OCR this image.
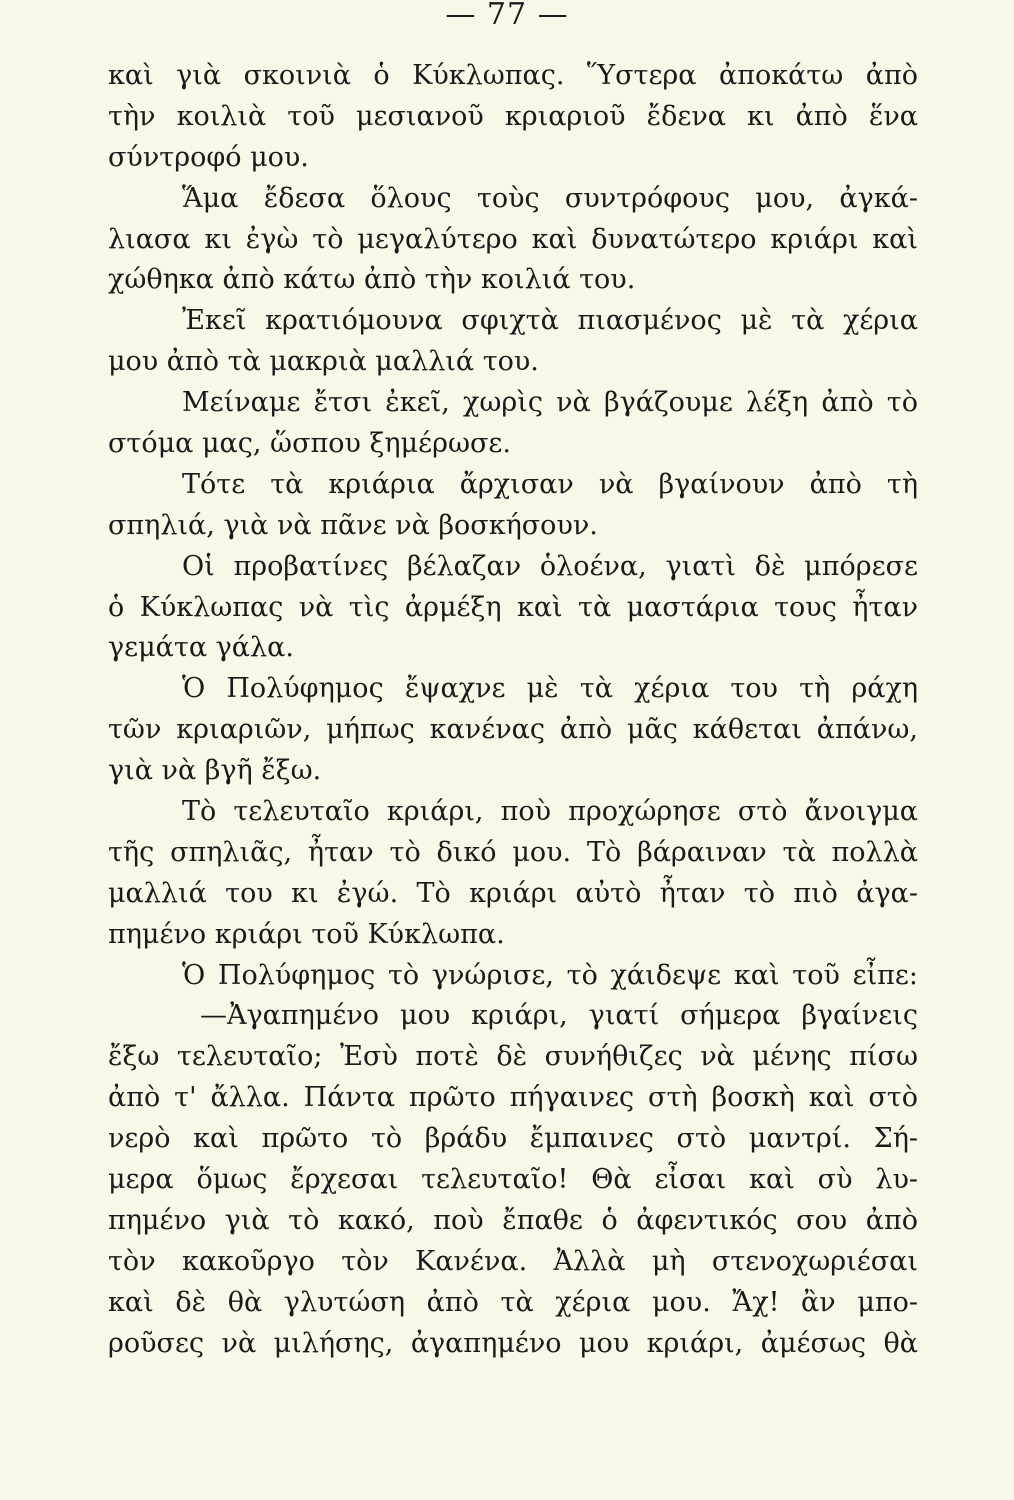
— 77 —
καὶ γιὰ σκοινιὰ ὁ Κύκλωπας. Ὕστερα ἀποκάτω ἀπὸ
τὴν κοιλιὰ τοῦ μεσιανοῦ κριαριοῦ ἔδενα κι ἀπὸ ἕνα
σύντροφό μου.
Ἅμα ἔδεσα ὅλους τοὺς συντρόφους μου, ἀγκά-
λιασα κι ἐγὼ τὸ μεγαλύτερο καὶ δυνατώτερο κριάρι καὶ
χώθηκα ἀπὸ κάτω ἀπὸ τὴν κοιλιά του.
Ἐκεῖ κρατιόμουνα σφιχτὰ πιασμένος μὲ τὰ χέρια
μου ἀπὸ τὰ μακριὰ μαλλιά του.
Μείναμε ἔτσι ἐκεῖ, χωρὶς νὰ βγάζουμε λέξη ἀπὸ τὸ
στόμα μας, ὥσπου ξημέρωσε.
Τότε τὰ κριάρια ἄρχισαν νὰ βγαίνουν ἀπὸ τὴ
σπηλιά, γιὰ νὰ πᾶνε νὰ βοσκήσουν.
Οἱ προβατίνες βέλαζαν ὁλοένα, γιατὶ δὲ μπόρεσε
ὁ Κύκλωπας νὰ τὶς ἀρμέξη καὶ τὰ μαστάρια τους ἦταν
γεμάτα γάλα.
Ὁ Πολύφημος ἔψαχνε μὲ τὰ χέρια του τὴ ράχη
τῶν κριαριῶν, μήπως κανένας ἀπὸ μᾶς κάθεται ἀπάνω,
γιὰ νὰ βγῆ ἔξω.
Τὸ τελευταῖο κριάρι, ποὺ προχώρησε στὸ ἄνοιγμα
τῆς σπηλιᾶς, ἦταν τὸ δικό μου. Τὸ βάραιναν τὰ πολλὰ
μαλλιά του κι ἐγώ. Τὸ κριάρι αὐτὸ ἦταν τὸ πιὸ ἀγα-
πημένο κριάρι τοῦ Κύκλωπα.
Ὁ Πολύφημος τὸ γνώρισε, τὸ χάιδεψε καὶ τοῦ εἶπε:
—Ἀγαπημένο μου κριάρι, γιατί σήμερα βγαίνεις
ἔξω τελευταῖο; Ἐσὺ ποτὲ δὲ συνήθιζες νὰ μένης πίσω
ἀπὸ τ' ἄλλα. Πάντα πρῶτο πήγαινες στὴ βοσκὴ καὶ στὸ
νερὸ καὶ πρῶτο τὸ βράδυ ἔμπαινες στὸ μαντρί. Σή-
μερα ὅμως ἔρχεσαι τελευταῖο! Θὰ εἶσαι καὶ σὺ λυ-
πημένο γιὰ τὸ κακό, ποὺ ἔπαθε ὁ ἀφεντικός σου ἀπὸ
τὸν κακοῦργο τὸν Κανένα. Ἀλλὰ μὴ στενοχωριέσαι
καὶ δὲ θὰ γλυτώση ἀπὸ τὰ χέρια μου. Ἄχ! ἂν μπο-
ροῦσες νὰ μιλήσης, ἀγαπημένο μου κριάρι, ἀμέσως θὰ
